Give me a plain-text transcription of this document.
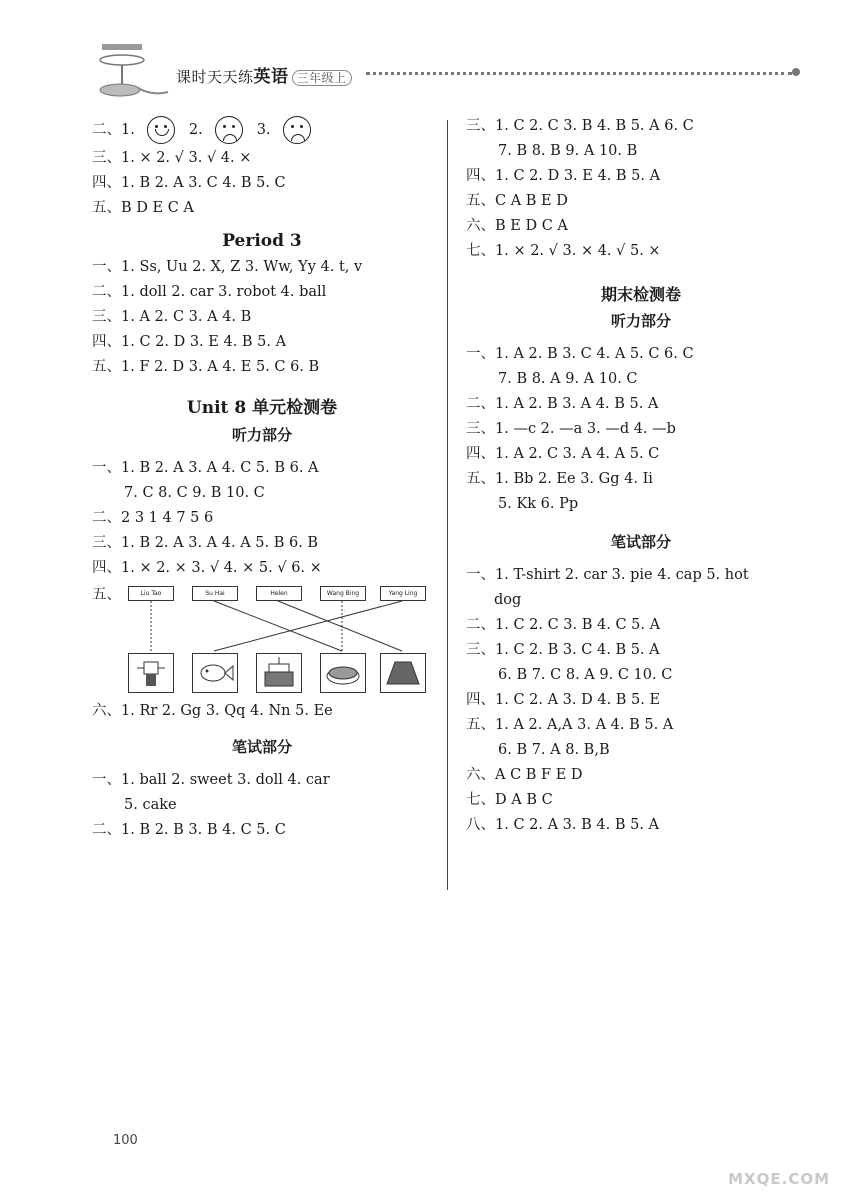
课时天天练英语 三年级上
二、1.	2.	3.
三、1. × 2. √ 3. √ 4. ×
四、1. B 2. A 3. C 4. B 5. C
五、B D E C A
Period 3
一、1. Ss, Uu 2. X, Z 3. Ww, Yy 4. t, v
二、1. doll 2. car 3. robot 4. ball
三、1. A 2. C 3. A 4. B
四、1. C 2. D 3. E 4. B 5. A
五、1. F 2. D 3. A 4. E 5. C 6. B
Unit 8 单元检测卷
听力部分
一、1. B 2. A 3. A 4. C 5. B 6. A
7. C 8. C 9. B 10. C
二、2 3 1 4 7 5 6
三、1. B 2. A 3. A 4. A 5. B 6. B
四、1. × 2. × 3. √ 4. × 5. √ 6. ×
五、	Liu Tao	Su Hai	Helen	Wang Bing	Yang Ling
六、1. Rr 2. Gg 3. Qq 4. Nn 5. Ee
笔试部分
一、1. ball 2. sweet 3. doll 4. car
5. cake
二、1. B 2. B 3. B 4. C 5. C
三、1. C 2. C 3. B 4. B 5. A 6. C
7. B 8. B 9. A 10. B
四、1. C 2. D 3. E 4. B 5. A
五、C A B E D
六、B E D C A
七、1. × 2. √ 3. × 4. √ 5. ×
期末检测卷
听力部分
一、1. A 2. B 3. C 4. A 5. C 6. C
7. B 8. A 9. A 10. C
二、1. A 2. B 3. A 4. B 5. A
三、1. —c 2. —a 3. —d 4. —b
四、1. A 2. C 3. A 4. A 5. C
五、1. Bb 2. Ee 3. Gg 4. Ii
5. Kk 6. Pp
笔试部分
一、1. T-shirt 2. car 3. pie 4. cap 5. hot
dog
二、1. C 2. C 3. B 4. C 5. A
三、1. C 2. B 3. C 4. B 5. A
6. B 7. C 8. A 9. C 10. C
四、1. C 2. A 3. D 4. B 5. E
五、1. A 2. A,A 3. A 4. B 5. A
6. B 7. A 8. B,B
六、A C B F E D
七、D A B C
八、1. C 2. A 3. B 4. B 5. A
100
MXQE.COM
